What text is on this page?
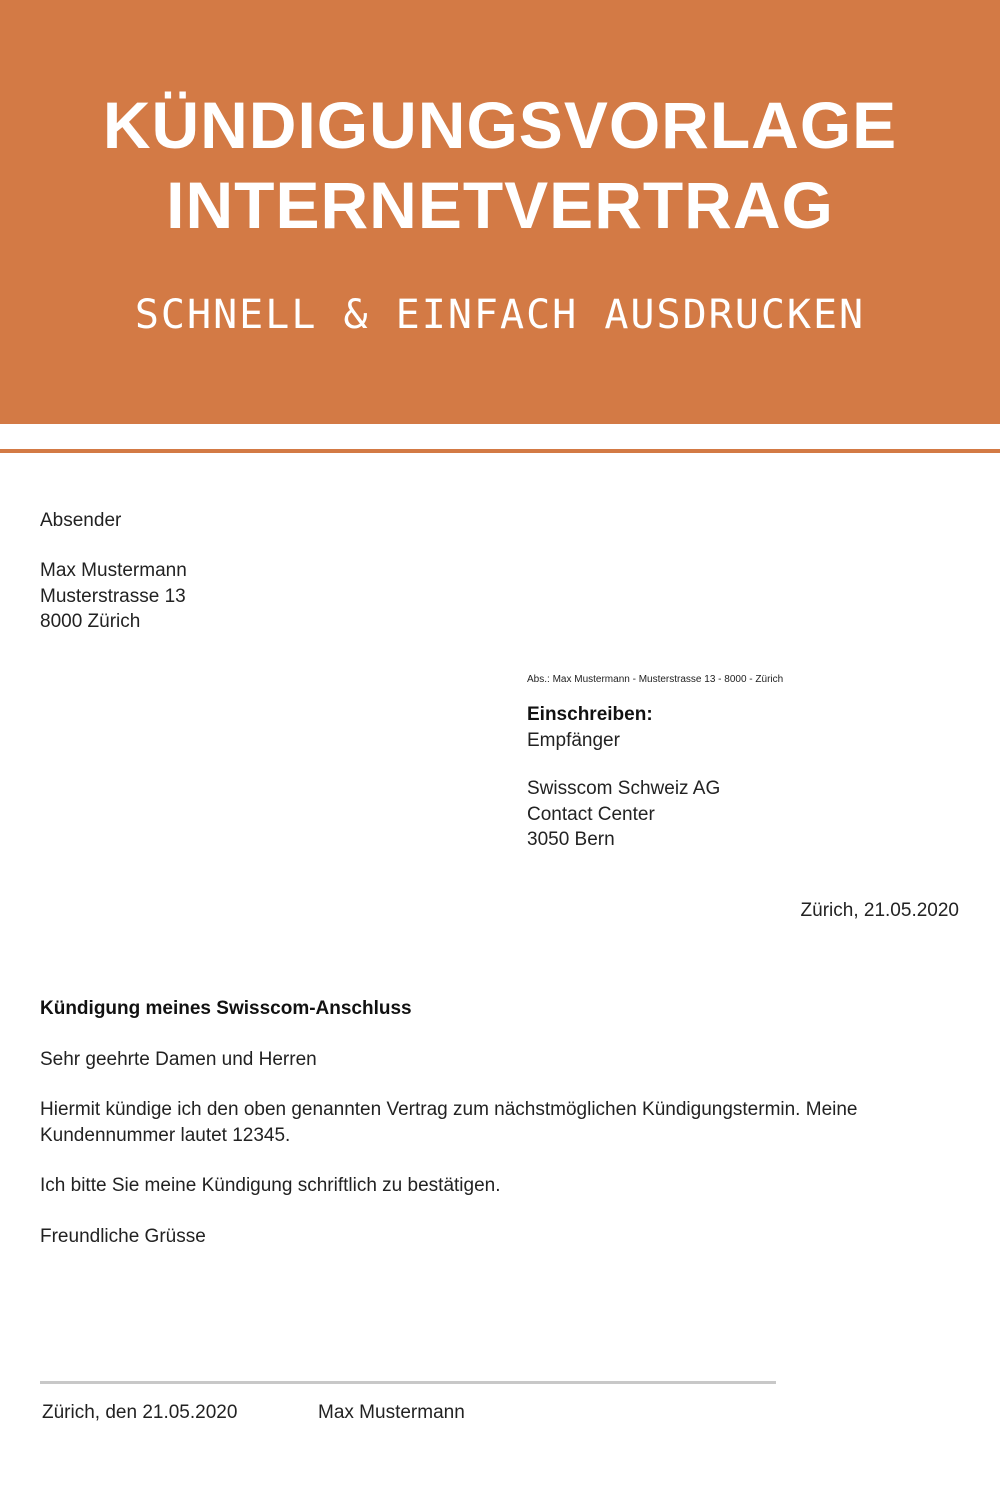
KÜNDIGUNGSVORLAGE
INTERNETVERTRAG
SCHNELL & EINFACH AUSDRUCKEN
Absender
Max Mustermann
Musterstrasse 13
8000 Zürich
Abs.: Max Mustermann - Musterstrasse 13 - 8000 - Zürich
Einschreiben:
Empfänger
Swisscom Schweiz AG
Contact Center
3050 Bern
Zürich, 21.05.2020
Kündigung meines Swisscom-Anschluss
Sehr geehrte Damen und Herren
Hiermit kündige ich den oben genannten Vertrag zum nächstmöglichen Kündigungstermin. Meine Kundennummer lautet 12345.
Ich bitte Sie meine Kündigung schriftlich zu bestätigen.
Freundliche Grüsse
Zürich, den 21.05.2020	Max Mustermann
